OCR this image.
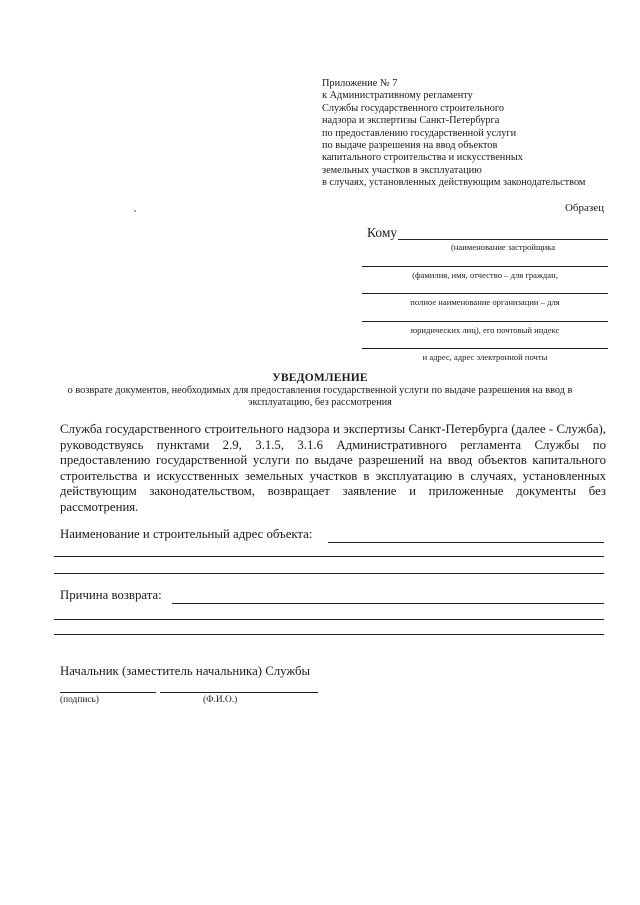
Приложение № 7
к Административному регламенту
Службы государственного строительного
надзора и экспертизы Санкт-Петербурга
по предоставлению государственной услуги
по выдаче разрешения на ввод объектов
капитального строительства и искусственных
земельных участков в эксплуатацию
в случаях, установленных действующим законодательством
Образец
Кому
(наименование застройщика
(фамилия, имя, отчество – для граждан,
полное наименование организации – для
юридических лиц), его почтовый индекс
и адрес, адрес электронной почты
УВЕДОМЛЕНИЕ
о возврате документов, необходимых для предоставления государственной услуги по выдаче разрешения на ввод в эксплуатацию, без рассмотрения
Служба государственного строительного надзора и экспертизы Санкт-Петербурга (далее - Служба), руководствуясь пунктами 2.9, 3.1.5, 3.1.6 Административного регламента Службы по предоставлению государственной услуги по выдаче разрешений на ввод объектов капитального строительства и искусственных земельных участков в эксплуатацию в случаях, установленных действующим законодательством, возвращает заявление и приложенные документы без рассмотрения.
Наименование и строительный адрес объекта:
Причина возврата:
Начальник (заместитель начальника) Службы
(подпись)	(Ф.И.О.)
